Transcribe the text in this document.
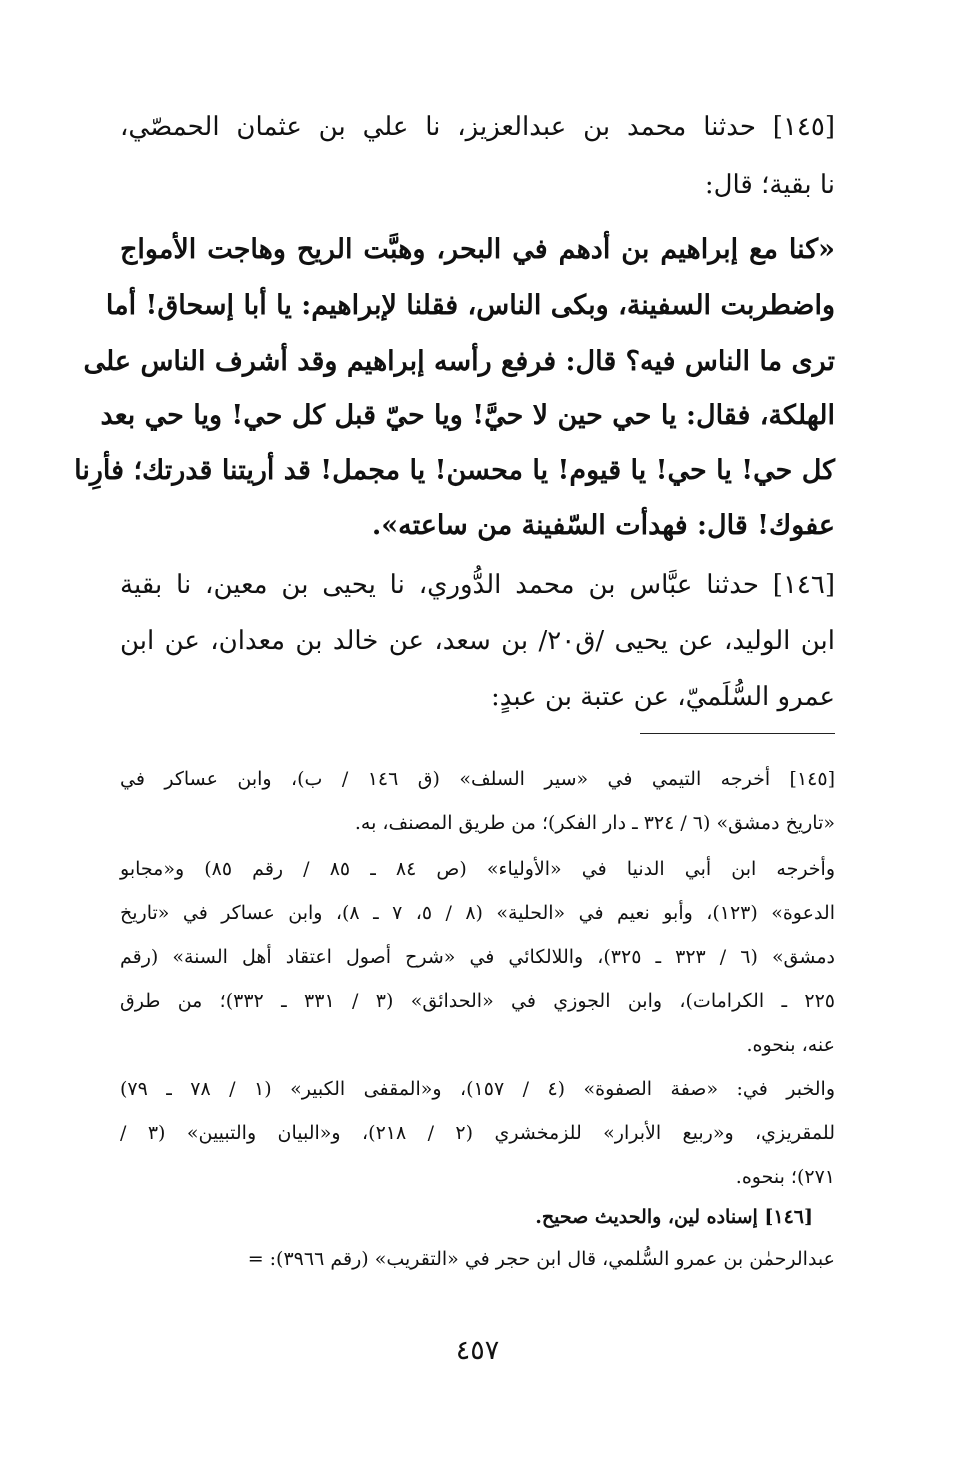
[١٤٥] حدثنا محمد بن عبدالعزيز، نا علي بن عثمان الحمصّي،
نا بقية؛ قال:
«كنا مع إبراهيم بن أدهم في البحر، وهبَّت الريح وهاجت الأمواج
واضطربت السفينة، وبكى الناس، فقلنا لإبراهيم: يا أبا إسحاق! أما
ترى ما الناس فيه؟ قال: فرفع رأسه إبراهيم وقد أشرف الناس على
الهلكة، فقال: يا حي حين لا حيَّ! ويا حيّ قبل كل حي! ويا حي بعد
كل حي! يا حي! يا قيوم! يا محسن! يا مجمل! قد أريتنا قدرتك؛ فأرِنا
عفوك! قال: فهدأت السّفينة من ساعته».
[١٤٦] حدثنا عبَّاس بن محمد الدُّوري، نا يحيى بن معين، نا بقية
ابن الوليد، عن يحيى /ق٢٠/ بن سعد، عن خالد بن معدان، عن ابن
عمرو السُّلَميّ، عن عتبة بن عبدٍ:
[١٤٥] أخرجه التيمي في «سير السلف» (ق ١٤٦ / ب)، وابن عساكر في
«تاريخ دمشق» (٦ / ٣٢٤ ـ دار الفكر)؛ من طريق المصنف، به.
وأخرجه ابن أبي الدنيا في «الأولياء» (ص ٨٤ ـ ٨٥ / رقم ٨٥) و«مجابو
الدعوة» (١٢٣)، وأبو نعيم في «الحلية» (٨ / ٥، ٧ ـ ٨)، وابن عساكر في «تاريخ
دمشق» (٦ / ٣٢٣ ـ ٣٢٥)، واللالكائي في «شرح أصول اعتقاد أهل السنة» (رقم
٢٢٥ ـ الكرامات)، وابن الجوزي في «الحدائق» (٣ / ٣٣١ ـ ٣٣٢)؛ من طرق
عنه، بنحوه.
والخبر في: «صفة الصفوة» (٤ / ١٥٧)، و«المقفى الكبير» (١ / ٧٨ ـ ٧٩)
للمقريزي، و«ربيع الأبرار» للزمخشري (٢ / ٢١٨)، و«البيان والتبيين» (٣ /
٢٧١)؛ بنحوه.
[١٤٦] إسناده لين، والحديث صحيح.
عبدالرحمٰن بن عمرو السُّلمي، قال ابن حجر في «التقريب» (رقم ٣٩٦٦): =
٤٥٧
